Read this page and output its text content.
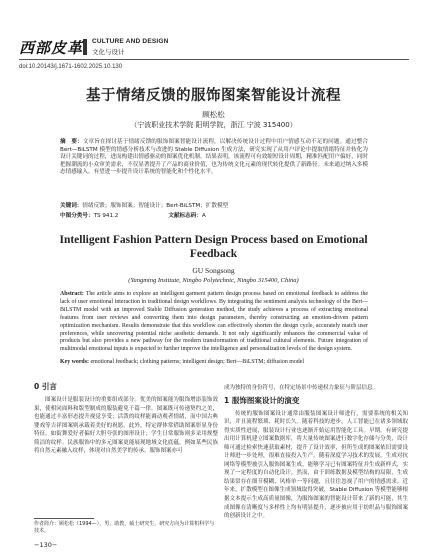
西部皮革 CULTURE AND DESIGN
文化与设计
doi:10.20143/j.1671-1602.2025.10.130
基于情绪反馈的服饰图案智能设计流程
顾松松
（宁波职业技术学院 阳明学院，浙江 宁波 315400）
摘　要：文章旨在探讨基于情绪反馈的服饰图案智能设计流程，以解决传统设计过程中用户情感互动不足的问题。通过整合 Bert—BiLSTM 模型的情感分析技术与改进的 Stable Diffusion 生成方法，研究实现了从用户评论中提取情绪特征并转化为设计关键词的过程，进而构建出情感驱动的图案优化机制。结果表明，该流程可有效缩短设计周期，精准匹配用户偏好，同时把握潮流的小众审美需求，不仅显著提升了产品的商业价值，也为传统文化元素的现代转化提供了新路径。未来通过纳入多模态情感输入，有望进一步提升设计系统的智能化和个性化水平。
关键词：情绪反馈；服饰图案；智能设计；Bert-BiLSTM；扩散模型
中图分类号：TS 941.2	文献标志码：A
Intelligent Fashion Pattern Design Process based on Emotional Feedback
GU Songsong
(Yangming Institute, Ningbo Polytechnic, Ningbo 315400, China)
Abstract: The article aims to explore an intelligent garment pattern design process based on emotional feedback to address the lack of user emotional interaction in traditional design workflows. By integrating the sentiment analysis technology of the Bert—BiLSTM model with an improved Stable Diffusion generation method, the study achieves a process of extracting emotional features from user reviews and converting them into design parameters, thereby constructing an emotion-driven pattern optimization mechanism. Results demonstrate that this workflow can effectively shorten the design cycle, accurately match user preferences, while uncovering potential niche aesthetic demands. It not only significantly enhances the commercial value of products but also provides a new pathway for the modern transformation of traditional cultural elements. Future integration of multimodal emotional inputs is expected to further improve the intelligence and personalization levels of the design system.
Key words: emotional feedback; clothing patterns; intelligent design; Bert—BiLSTM; diffusion model
0 引言

图案设计是服装设计的重要组成部分。优美的图案能为服饰增添装饰效果，使相同面料和版型制成的服装避免千篇一律。图案既可传递契约之美，也能通过丰富形态提升视觉享受；活泼的纹样能调动观者情绪，而中国古典婴戏等吉祥图案则承载着美好的祝愿。此外，特定群体常借助图案彰显身份特征，如街舞爱好者偏好大胆夸张的图形设计；学生日常服饰则多采用规整简洁的纹样。民族服饰中的多元图案更能展现地域文化底蕴，例如某些民族将自然元素融入纹样，体现对自然美学的传承。服饰图案亦可

成为独特的身份符号，在特定场景中传递权力象征与阶层信息。

1 服饰图案设计的演变

传统的服饰图案设计通常由服装图案设计师进行，需要系统的相关知识，并且流程繁琐、耗时长久。随着科技的进步，人工智能已在诸多领域取得实质性进展，服装设计行业也逐渐开始运用智能化工具。早期，有研究提出用计算机建立图案数据库，将大量传统图案进行数字化存储与分类，设计师可通过检索快速获取素材，提升了设计效率，但所生成的图案依旧需要设计师进一步处理，很难直接投入生产。随着深度学习技术的发展，生成对抗网络等模型被引入服饰图案生成，能够学习已有图案特征并生成新样式，实现了一定程度的自动化设计。然而，由于训练数据及模型结构的局限，生成结果常存在细节模糊、风格单一等问题，且往往忽视了用户的情感需求。近年来，扩散模型在图像生成领域取得突破，Stable Diffusion 等模型能够根据文本提示生成高质量图像，为服饰图案的智能设计带来了新的可能，其生成图像在清晰度与多样性上均有明显提升，逐步被应用于纺织品与服饰图案的创新设计之中。

作者简介：顾松松（1994—），男，助教，硕士研究生，研究方向为计算机科学与技术。
−130−
